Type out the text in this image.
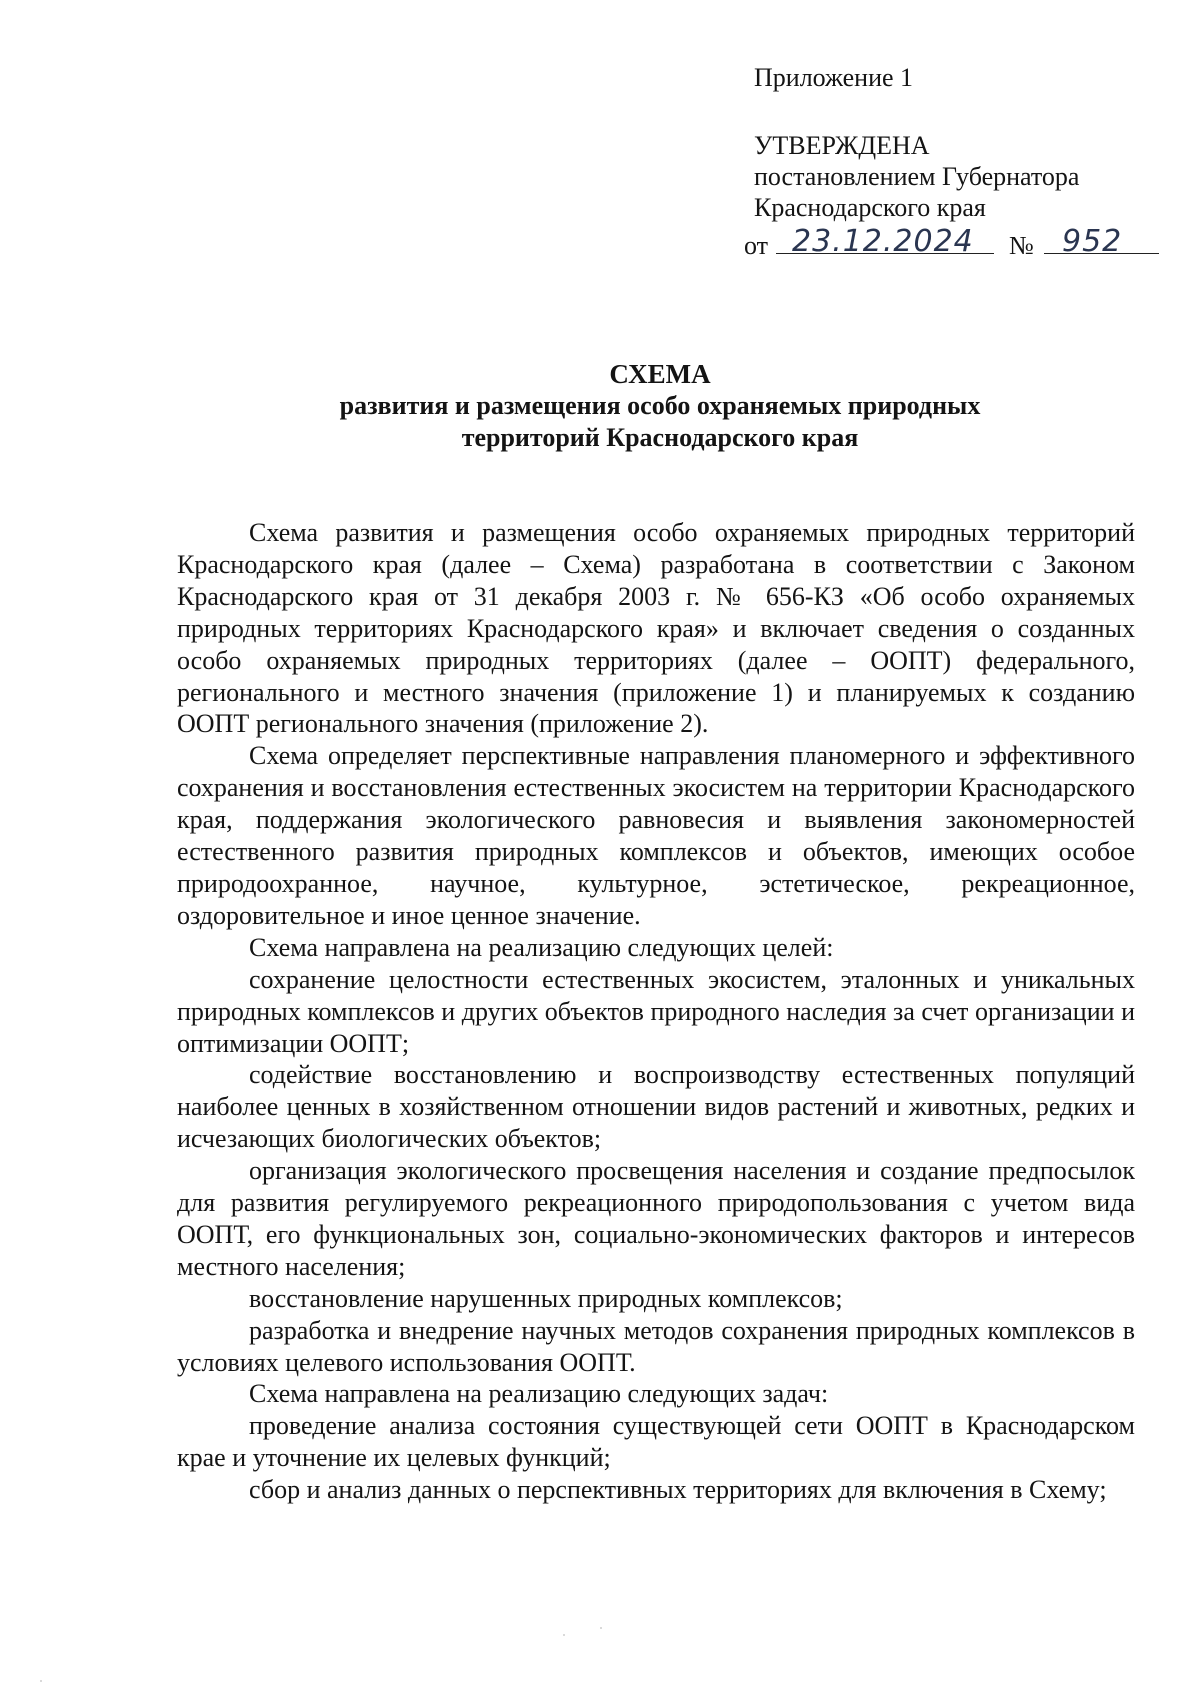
Приложение 1

УТВЕРЖДЕНА

постановлением Губернатора

Краснодарского края

от 23.12.2024 № 952
СХЕМА
развития и размещения особо охраняемых природных
территорий Краснодарского края

Схема развития и размещения особо охраняемых природных территорий Краснодарского края (далее – Схема) разработана в соответствии с Законом Краснодарского края от 31 декабря 2003 г. № 656-КЗ «Об особо охраняемых природных территориях Краснодарского края» и включает сведения о созданных особо охраняемых природных территориях (далее – ООПТ) федерального, регионального и местного значения (приложение 1) и планируемых к созданию ООПТ регионального значения (приложение 2).

Схема определяет перспективные направления планомерного и эффективного сохранения и восстановления естественных экосистем на территории Краснодарского края, поддержания экологического равновесия и выявления закономерностей естественного развития природных комплексов и объектов, имеющих особое природоохранное, научное, культурное, эстетическое, рекреационное, оздоровительное и иное ценное значение.

Схема направлена на реализацию следующих целей:

сохранение целостности естественных экосистем, эталонных и уникальных природных комплексов и других объектов природного наследия за счет организации и оптимизации ООПТ;

содействие восстановлению и воспроизводству естественных популяций наиболее ценных в хозяйственном отношении видов растений и животных, редких и исчезающих биологических объектов;

организация экологического просвещения населения и создание предпосылок для развития регулируемого рекреационного природопользования с учетом вида ООПТ, его функциональных зон, социально-экономических факторов и интересов местного населения;

восстановление нарушенных природных комплексов;

разработка и внедрение научных методов сохранения природных комплексов в условиях целевого использования ООПТ.

Схема направлена на реализацию следующих задач:

проведение анализа состояния существующей сети ООПТ в Краснодарском крае и уточнение их целевых функций;

сбор и анализ данных о перспективных территориях для включения в Схему;
